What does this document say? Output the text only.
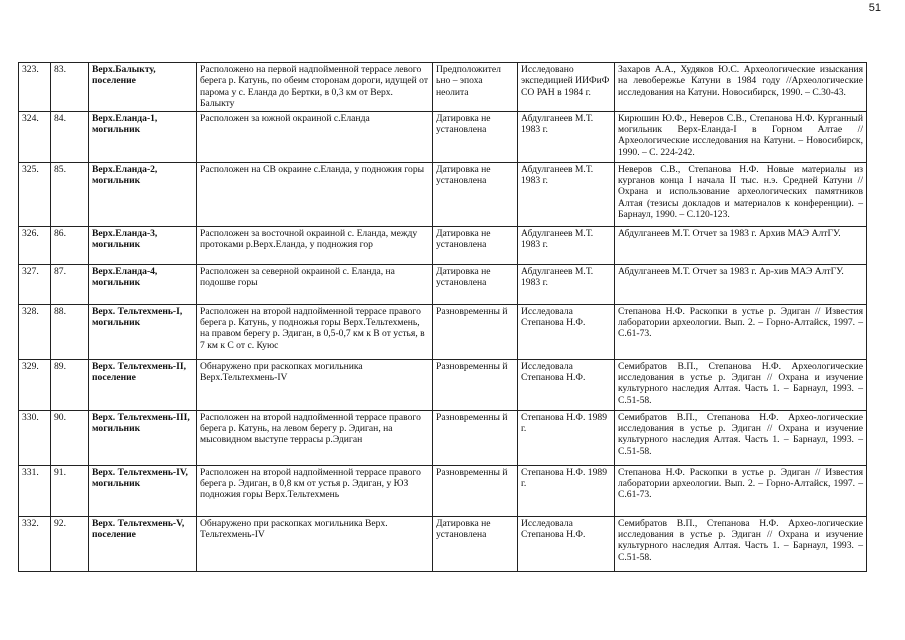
51
323.	83.	Верх.Балыкту, поселение	Расположено на первой надпойменной террасе левого берега р. Катунь, по обеим сторонам дороги, идущей от парома у с. Еланда до Бертки, в 0,3 км от Верх. Балыкту	Предположител ьно – эпоха неолита	Исследовано экспедицией ИИФиФ СО РАН в 1984 г.	Захаров А.А., Худяков Ю.С. Археологические изыскания на левобережье Катуни в 1984 году //Археологические исследования на Катуни. Новосибирск, 1990. – С.30-43.
324.	84.	Верх.Еланда-1, могильник	Расположен за южной окраиной с.Еланда	Датировка не установлена	Абдулганеев М.Т. 1983 г.	Кирюшин Ю.Ф., Неверов С.В., Степанова Н.Ф. Курганный могильник Верх-Еланда-I в Горном Алтае // Археологические исследования на Катуни. – Новосибирск, 1990. – С. 224-242.
325.	85.	Верх.Еланда-2, могильник	Расположен на СВ окраине с.Еланда, у подножия горы	Датировка не установлена	Абдулганеев М.Т. 1983 г.	Неверов С.В., Степанова Н.Ф. Новые материалы из курганов конца I начала II тыс. н.э. Средней Катуни // Охрана и использование археологических памятников Алтая (тезисы докладов и материалов к конференции). – Барнаул, 1990. – С.120-123.
326.	86.	Верх.Еланда-3, могильник	Расположен за восточной окраиной с. Еланда, между протоками р.Верх.Еланда, у подножия гор	Датировка не установлена	Абдулганеев М.Т. 1983 г.	Абдулганеев М.Т. Отчет за 1983 г. Архив МАЭ АлтГУ.
327.	87.	Верх.Еланда-4, могильник	Расположен за северной окраиной с. Еланда, на подошве горы	Датировка не установлена	Абдулганеев М.Т. 1983 г.	Абдулганеев М.Т. Отчет за 1983 г. Ар-хив МАЭ АлтГУ.
328.	88.	Верх. Тельтехмень-I, могильник	Расположен на второй надпойменной террасе правого берега р. Катунь, у подножья горы Верх.Тельтехмень, на правом берегу р. Эдиган, в 0,5-0,7 км к В от устья, в 7 км к С от с. Куюс	Разновременны й	Исследовала Степанова Н.Ф.	Степанова Н.Ф. Раскопки в устье р. Эдиган // Известия лаборатории археологии. Вып. 2. – Горно-Алтайск, 1997. – С.61-73.
329.	89.	Верх. Тельтехмень-II, поселение	Обнаружено при раскопках могильника Верх.Тельтехмень-IV	Разновременны й	Исследовала Степанова Н.Ф.	Семибратов В.П., Степанова Н.Ф. Археологические исследования в устье р. Эдиган // Охрана и изучение культурного наследия Алтая. Часть 1. – Барнаул, 1993. – С.51-58.
330.	90.	Верх. Тельтехмень-III, могильник	Расположен на второй надпойменной террасе правого берега р. Катунь, на левом берегу р. Эдиган, на мысовидном выступе террасы р.Эдиган	Разновременны й	Степанова Н.Ф. 1989 г.	Семибратов В.П., Степанова Н.Ф. Архео-логические исследования в устье р. Эдиган // Охрана и изучение культурного наследия Алтая. Часть 1. – Барнаул, 1993. – С.51-58.
331.	91.	Верх. Тельтехмень-IV, могильник	Расположен на второй надпойменной террасе правого берега р. Эдиган, в 0,8 км от устья р. Эдиган, у ЮЗ подножия горы Верх.Тельтехмень	Разновременны й	Степанова Н.Ф. 1989 г.	Степанова Н.Ф. Раскопки в устье р. Эдиган // Известия лаборатории археологии. Вып. 2. – Горно-Алтайск, 1997. – С.61-73.
332.	92.	Верх. Тельтехмень-V, поселение	Обнаружено при раскопках могильника Верх. Тельтехмень-IV	Датировка не установлена	Исследовала Степанова Н.Ф.	Семибратов В.П., Степанова Н.Ф. Архео-логические исследования в устье р. Эдиган // Охрана и изучение культурного наследия Алтая. Часть 1. – Барнаул, 1993. – С.51-58.
